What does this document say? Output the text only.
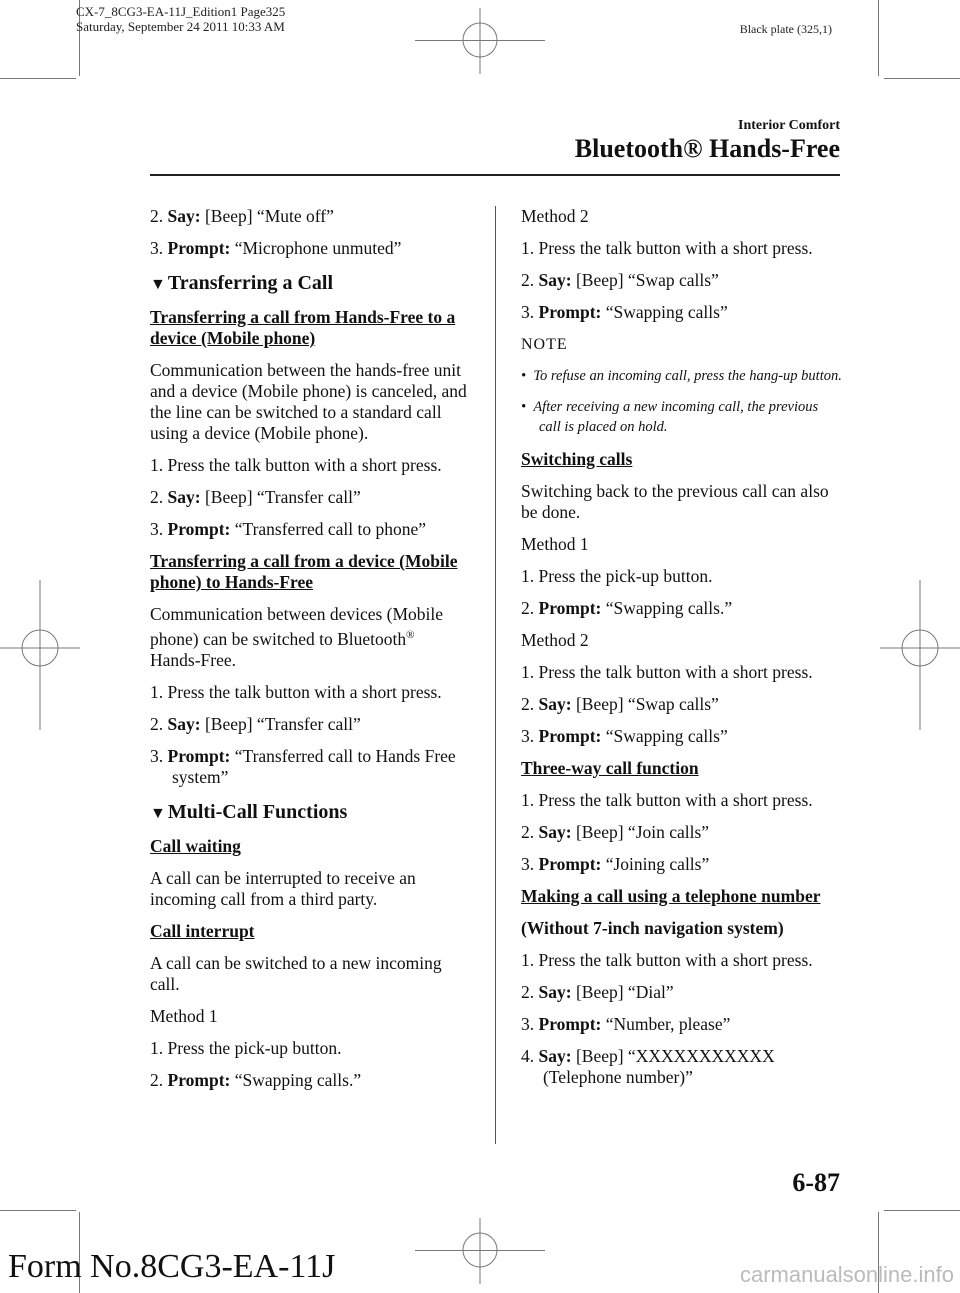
CX-7_8CG3-EA-11J_Edition1 Page325
Saturday, September 24 2011 10:33 AM	Black plate (325,1)
Interior Comfort
Bluetooth® Hands-Free

2. Say: [Beep] “Mute off”

3. Prompt: “Microphone unmuted”

▼ Transferring a Call

Transferring a call from Hands-Free to a device (Mobile phone)

Communication between the hands-free unit and a device (Mobile phone) is canceled, and the line can be switched to a standard call using a device (Mobile phone).

1. Press the talk button with a short press.

2. Say: [Beep] “Transfer call”

3. Prompt: “Transferred call to phone”

Transferring a call from a device (Mobile phone) to Hands-Free

Communication between devices (Mobile phone) can be switched to Bluetooth®
Hands-Free.

1. Press the talk button with a short press.

2. Say: [Beep] “Transfer call”

3. Prompt: “Transferred call to Hands Free system”

▼ Multi-Call Functions

Call waiting

A call can be interrupted to receive an incoming call from a third party.

Call interrupt

A call can be switched to a new incoming call.

Method 1

1. Press the pick-up button.

2. Prompt: “Swapping calls.”

Method 2

1. Press the talk button with a short press.

2. Say: [Beep] “Swap calls”

3. Prompt: “Swapping calls”

NOTE

•  To refuse an incoming call, press the hang-up button.

•  After receiving a new incoming call, the previous call is placed on hold.

Switching calls

Switching back to the previous call can also be done.

Method 1

1. Press the pick-up button.

2. Prompt: “Swapping calls.”

Method 2

1. Press the talk button with a short press.

2. Say: [Beep] “Swap calls”

3. Prompt: “Swapping calls”

Three-way call function

1. Press the talk button with a short press.

2. Say: [Beep] “Join calls”

3. Prompt: “Joining calls”

Making a call using a telephone number

(Without 7-inch navigation system)

1. Press the talk button with a short press.

2. Say: [Beep] “Dial”

3. Prompt: “Number, please”

4. Say: [Beep] “XXXXXXXXXXX (Telephone number)”

6-87
Form No.8CG3-EA-11J	carmanualsonline.info
